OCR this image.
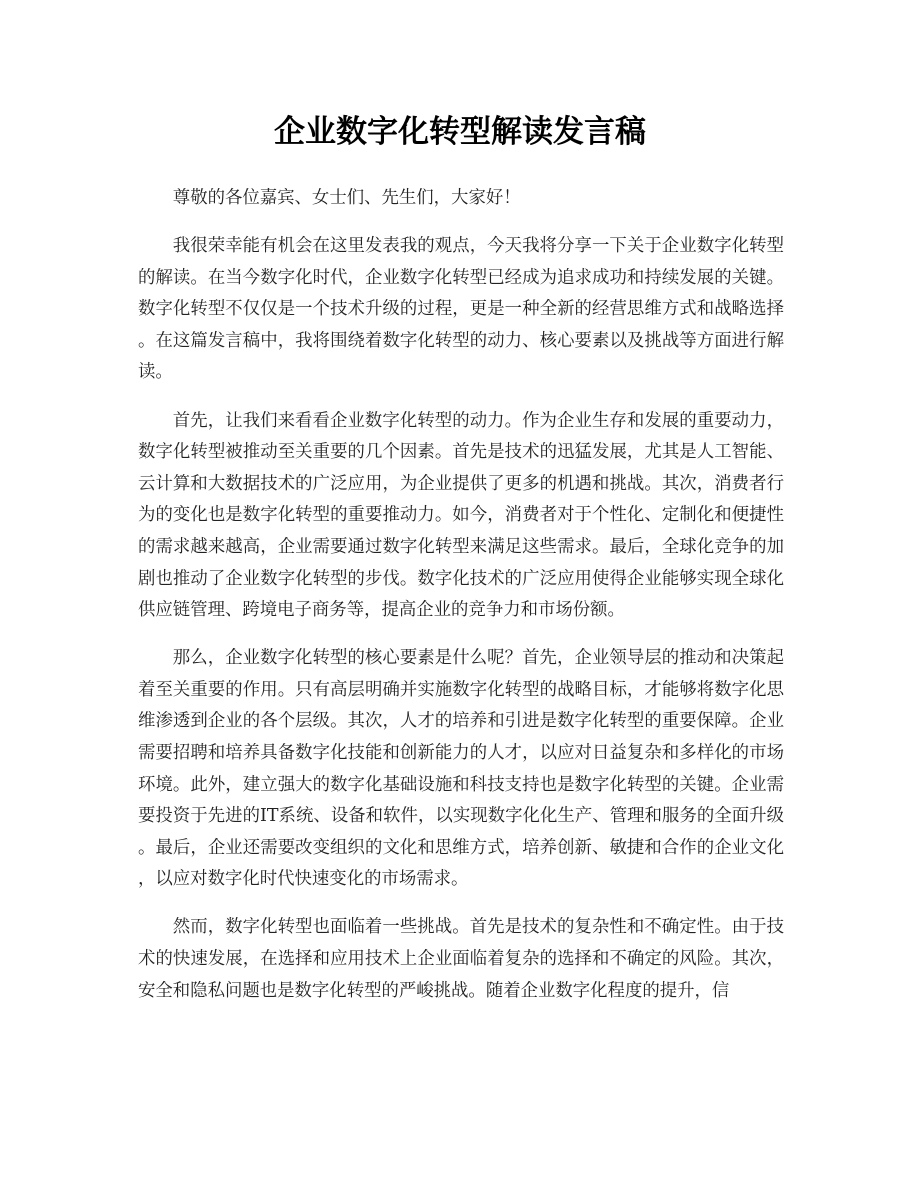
企业数字化转型解读发言稿

尊敬的各位嘉宾、女士们、先生们，大家好！

我很荣幸能有机会在这里发表我的观点，今天我将分享一下关于企业数字化转型的解读。在当今数字化时代，企业数字化转型已经成为追求成功和持续发展的关键。数字化转型不仅仅是一个技术升级的过程，更是一种全新的经营思维方式和战略选择。在这篇发言稿中，我将围绕着数字化转型的动力、核心要素以及挑战等方面进行解读。

首先，让我们来看看企业数字化转型的动力。作为企业生存和发展的重要动力，数字化转型被推动至关重要的几个因素。首先是技术的迅猛发展，尤其是人工智能、云计算和大数据技术的广泛应用，为企业提供了更多的机遇和挑战。其次，消费者行为的变化也是数字化转型的重要推动力。如今，消费者对于个性化、定制化和便捷性的需求越来越高，企业需要通过数字化转型来满足这些需求。最后，全球化竞争的加剧也推动了企业数字化转型的步伐。数字化技术的广泛应用使得企业能够实现全球化供应链管理、跨境电子商务等，提高企业的竞争力和市场份额。

那么，企业数字化转型的核心要素是什么呢？首先，企业领导层的推动和决策起着至关重要的作用。只有高层明确并实施数字化转型的战略目标，才能够将数字化思维渗透到企业的各个层级。其次，人才的培养和引进是数字化转型的重要保障。企业需要招聘和培养具备数字化技能和创新能力的人才，以应对日益复杂和多样化的市场环境。此外，建立强大的数字化基础设施和科技支持也是数字化转型的关键。企业需要投资于先进的IT系统、设备和软件，以实现数字化化生产、管理和服务的全面升级。最后，企业还需要改变组织的文化和思维方式，培养创新、敏捷和合作的企业文化，以应对数字化时代快速变化的市场需求。

然而，数字化转型也面临着一些挑战。首先是技术的复杂性和不确定性。由于技术的快速发展，在选择和应用技术上企业面临着复杂的选择和不确定的风险。其次，安全和隐私问题也是数字化转型的严峻挑战。随着企业数字化程度的提升，信
